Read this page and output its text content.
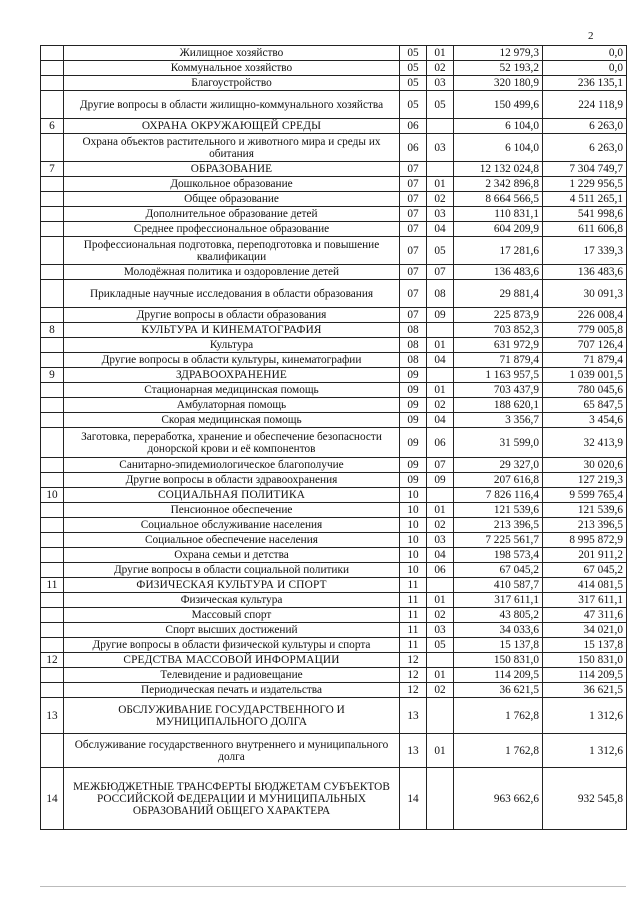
2
	Жилищное хозяйство	05	01	12 979,3	0,0
	Коммунальное хозяйство	05	02	52 193,2	0,0
	Благоустройство	05	03	320 180,9	236 135,1
	Другие вопросы в области жилищно-коммунального хозяйства	05	05	150 499,6	224 118,9
6	ОХРАНА ОКРУЖАЮЩЕЙ СРЕДЫ	06		6 104,0	6 263,0
	Охрана объектов растительного и животного мира и среды их обитания	06	03	6 104,0	6 263,0
7	ОБРАЗОВАНИЕ	07		12 132 024,8	7 304 749,7
	Дошкольное образование	07	01	2 342 896,8	1 229 956,5
	Общее образование	07	02	8 664 566,5	4 511 265,1
	Дополнительное образование детей	07	03	110 831,1	541 998,6
	Среднее профессиональное образование	07	04	604 209,9	611 606,8
	Профессиональная подготовка, переподготовка и повышение квалификации	07	05	17 281,6	17 339,3
	Молодёжная политика и оздоровление детей	07	07	136 483,6	136 483,6
	Прикладные научные исследования в области образования	07	08	29 881,4	30 091,3
	Другие вопросы в области образования	07	09	225 873,9	226 008,4
8	КУЛЬТУРА И КИНЕМАТОГРАФИЯ	08		703 852,3	779 005,8
	Культура	08	01	631 972,9	707 126,4
	Другие вопросы в области культуры, кинематографии	08	04	71 879,4	71 879,4
9	ЗДРАВООХРАНЕНИЕ	09		1 163 957,5	1 039 001,5
	Стационарная медицинская помощь	09	01	703 437,9	780 045,6
	Амбулаторная помощь	09	02	188 620,1	65 847,5
	Скорая медицинская помощь	09	04	3 356,7	3 454,6
	Заготовка, переработка, хранение и обеспечение безопасности донорской крови и её компонентов	09	06	31 599,0	32 413,9
	Санитарно-эпидемиологическое благополучие	09	07	29 327,0	30 020,6
	Другие вопросы в области здравоохранения	09	09	207 616,8	127 219,3
10	СОЦИАЛЬНАЯ ПОЛИТИКА	10		7 826 116,4	9 599 765,4
	Пенсионное обеспечение	10	01	121 539,6	121 539,6
	Социальное обслуживание населения	10	02	213 396,5	213 396,5
	Социальное обеспечение населения	10	03	7 225 561,7	8 995 872,9
	Охрана семьи и детства	10	04	198 573,4	201 911,2
	Другие вопросы в области социальной политики	10	06	67 045,2	67 045,2
11	ФИЗИЧЕСКАЯ КУЛЬТУРА И СПОРТ	11		410 587,7	414 081,5
	Физическая культура	11	01	317 611,1	317 611,1
	Массовый спорт	11	02	43 805,2	47 311,6
	Спорт высших достижений	11	03	34 033,6	34 021,0
	Другие вопросы в области физической культуры и спорта	11	05	15 137,8	15 137,8
12	СРЕДСТВА МАССОВОЙ ИНФОРМАЦИИ	12		150 831,0	150 831,0
	Телевидение и радиовещание	12	01	114 209,5	114 209,5
	Периодическая печать и издательства	12	02	36 621,5	36 621,5
13	ОБСЛУЖИВАНИЕ ГОСУДАРСТВЕННОГО И МУНИЦИПАЛЬНОГО ДОЛГА	13		1 762,8	1 312,6
	Обслуживание государственного внутреннего и муниципального долга	13	01	1 762,8	1 312,6
14	МЕЖБЮДЖЕТНЫЕ ТРАНСФЕРТЫ БЮДЖЕТАМ СУБЪЕКТОВ РОССИЙСКОЙ ФЕДЕРАЦИИ И МУНИЦИПАЛЬНЫХ ОБРАЗОВАНИЙ ОБЩЕГО ХАРАКТЕРА	14		963 662,6	932 545,8
